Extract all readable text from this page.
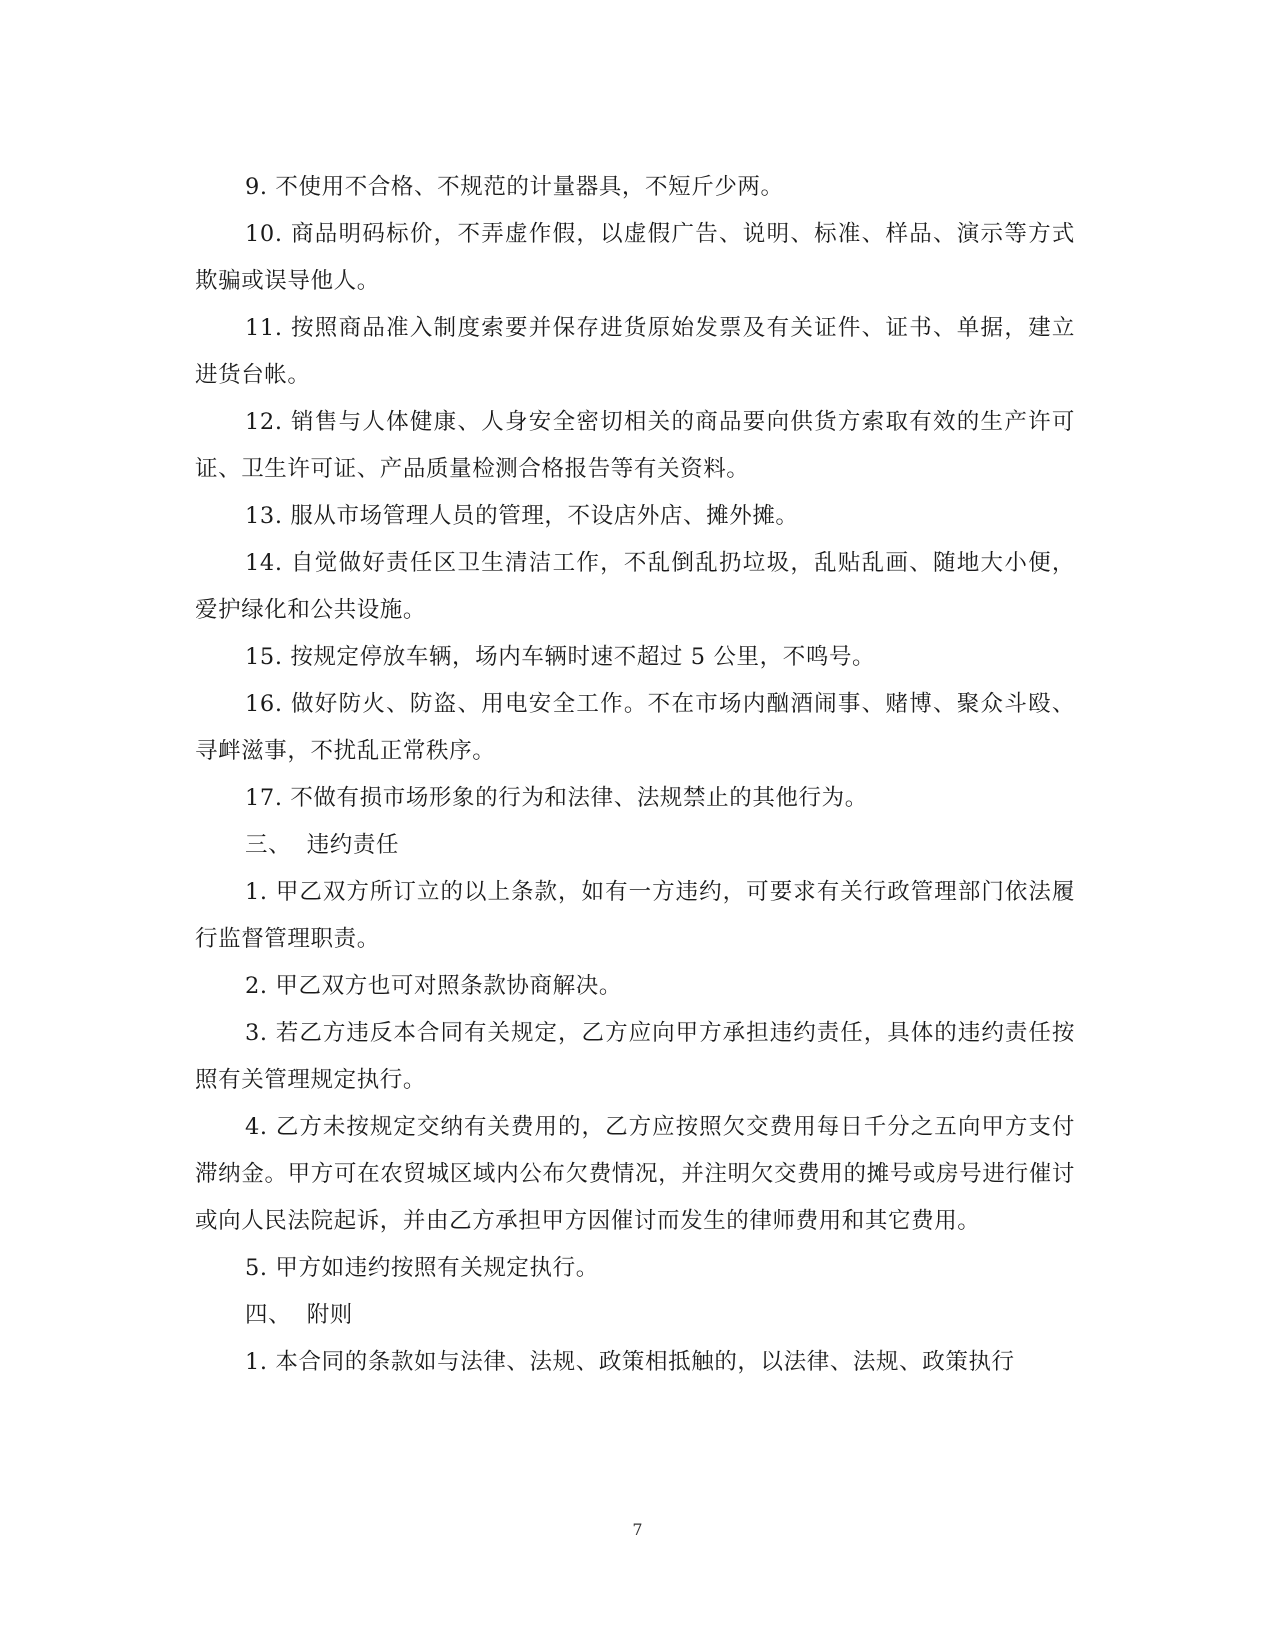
9. 不使用不合格、不规范的计量器具，不短斤少两。

10. 商品明码标价，不弄虚作假，以虚假广告、说明、标准、样品、演示等方式欺骗或误导他人。

11. 按照商品准入制度索要并保存进货原始发票及有关证件、证书、单据，建立进货台帐。

12. 销售与人体健康、人身安全密切相关的商品要向供货方索取有效的生产许可证、卫生许可证、产品质量检测合格报告等有关资料。

13. 服从市场管理人员的管理，不设店外店、摊外摊。

14. 自觉做好责任区卫生清洁工作，不乱倒乱扔垃圾，乱贴乱画、随地大小便，爱护绿化和公共设施。

15. 按规定停放车辆，场内车辆时速不超过 5 公里，不鸣号。

16. 做好防火、防盗、用电安全工作。不在市场内酗酒闹事、赌博、聚众斗殴、寻衅滋事，不扰乱正常秩序。

17. 不做有损市场形象的行为和法律、法规禁止的其他行为。

三、  违约责任

1. 甲乙双方所订立的以上条款，如有一方违约，可要求有关行政管理部门依法履行监督管理职责。

2. 甲乙双方也可对照条款协商解决。

3. 若乙方违反本合同有关规定，乙方应向甲方承担违约责任，具体的违约责任按照有关管理规定执行。

4. 乙方未按规定交纳有关费用的，乙方应按照欠交费用每日千分之五向甲方支付滞纳金。甲方可在农贸城区域内公布欠费情况，并注明欠交费用的摊号或房号进行催讨或向人民法院起诉，并由乙方承担甲方因催讨而发生的律师费用和其它费用。

5. 甲方如违约按照有关规定执行。

四、  附则

1. 本合同的条款如与法律、法规、政策相抵触的，以法律、法规、政策执行

7
